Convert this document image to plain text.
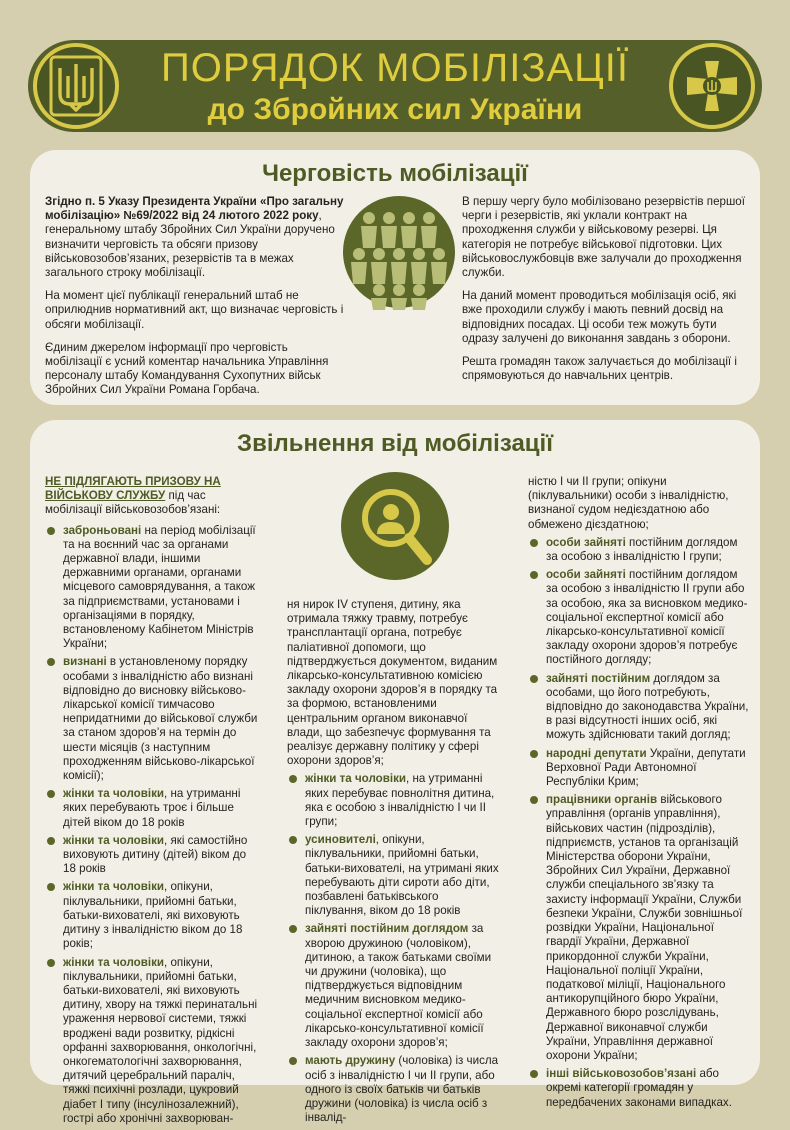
ПОРЯДОК МОБІЛІЗАЦІЇ
до Збройних сил України
Черговість мобілізації

Згідно п. 5 Указу Президента України «Про загальну мобілізацію» №69/2022 від 24 лютого 2022 року, генеральному штабу Збройних Сил України доручено визначити черговість та обсяги призову військовозобов’язаних, резервістів та в межах загального строку мобілізації.

На момент цієї публікації генеральний штаб не оприлюднив нормативний акт, що визначає черговість і обсяги мобілізації.

Єдиним джерелом інформації про черговість мобілізації є усний коментар начальника Управління персоналу штабу Командування Сухопутних військ Збройних Сил України Романа Горбача.

В першу чергу було мобілізовано резервістів першої черги і резервістів, які уклали контракт на проходження служби у військовому резерві. Ця категорія не потребує військової підготовки. Цих військовослужбовців вже залучали до проходження служби.

На даний момент проводиться мобілізація осіб, які вже проходили службу і мають певний досвід на відповідних посадах. Ці особи теж можуть бути одразу залучені до виконання завдань з оборони.

Решта громадян також залучається до мобілізації і спрямовуються до навчальних центрів.

Звільнення від мобілізації

НЕ ПІДЛЯГАЮТЬ ПРИЗОВУ НА ВІЙСЬКОВУ СЛУЖБУ під час мобілізації військовозобов’язані:

заброньовані на період мобілізації та на воєнний час за органами державної влади, іншими державними органами, органами місцевого самоврядування, а також за підприємствами, установами і організаціями в порядку, встановленому Кабінетом Міністрів України;
визнані в установленому порядку особами з інвалідністю або визнані відповідно до висновку військово-лікарської комісії тимчасово непридатними до військової служби за станом здоров’я на термін до шести місяців (з наступним проходженням військово-лікарської комісії);
жінки та чоловіки, на утриманні яких перебувають троє і більше дітей віком до 18 років
жінки та чоловіки, які самостійно виховують дитину (дітей) віком до 18 років
жінки та чоловіки, опікуни, піклувальники, прийомні батьки, батьки-вихователі, які виховують дитину з інвалідністю віком до 18 років;
жінки та чоловіки, опікуни, піклувальники, прийомні батьки, батьки-вихователі, які виховують дитину, хвору на тяжкі перинатальні ураження нервової системи, тяжкі вроджені вади розвитку, рідкісні орфанні захворювання, онкологічні, онкогематологічні захворювання, дитячий церебральний параліч, тяжкі психічні розлади, цукровий діабет I типу (інсулінозалежний), гострі або хронічні захворюван-

ня нирок IV ступеня, дитину, яка отримала тяжку травму, потребує трансплантації органа, потребує паліативної допомоги, що підтверджується документом, виданим лікарсько-консультативною комісією закладу охорони здоров’я в порядку та за формою, встановленими центральним органом виконавчої влади, що забезпечує формування та реалізує державну політику у сфері охорони здоров’я;

жінки та чоловіки, на утриманні яких перебуває повнолітня дитина, яка є особою з інвалідністю I чи II групи;
усиновителі, опікуни, піклувальники, прийомні батьки, батьки-вихователі, на утримані яких перебувають діти сироти або діти, позбавлені батьківського піклування, віком до 18 років
зайняті постійним доглядом за хворою дружиною (чоловіком), дитиною, а також батьками своїми чи дружини (чоловіка), що підтверджується відповідним медичним висновком медико-соціальної експертної комісії або лікарсько-консультативної комісії закладу охорони здоров’я;
мають дружину (чоловіка) із числа осіб з інвалідністю I чи II групи, або одного із своїх батьків чи батьків дружини (чоловіка) із числа осіб з інвалід-

ністю I чи II групи; опікуни (піклувальники) особи з інвалідністю, визнаної судом недієздатною або обмежено дієздатною;

особи зайняті постійним доглядом за особою з інвалідністю I групи;
особи зайняті постійним доглядом за особою з інвалідністю II групи або за особою, яка за висновком медико-соціальної експертної комісії або лікарсько-консультативної комісії закладу охорони здоров’я потребує постійного догляду;
зайняті постійним доглядом за особами, що його потребують, відповідно до законодавства України, в разі відсутності інших осіб, які можуть здійснювати такий догляд;
народні депутати України, депутати Верховної Ради Автономної Республіки Крим;
працівники органів військового управління (органів управління), військових частин (підрозділів), підприємств, установ та організацій Міністерства оборони України, Збройних Сил України, Державної служби спеціального зв’язку та захисту інформації України, Служби безпеки України, Служби зовнішньої розвідки України, Національної гвардії України, Державної прикордонної служби України, Національної поліції України, податкової міліції, Національного антикорупційного бюро України, Державного бюро розслідувань, Державної виконавчої служби України, Управління державної охорони України;
інші військовозобов’язані або окремі категорії громадян у передбачених законами випадках.
